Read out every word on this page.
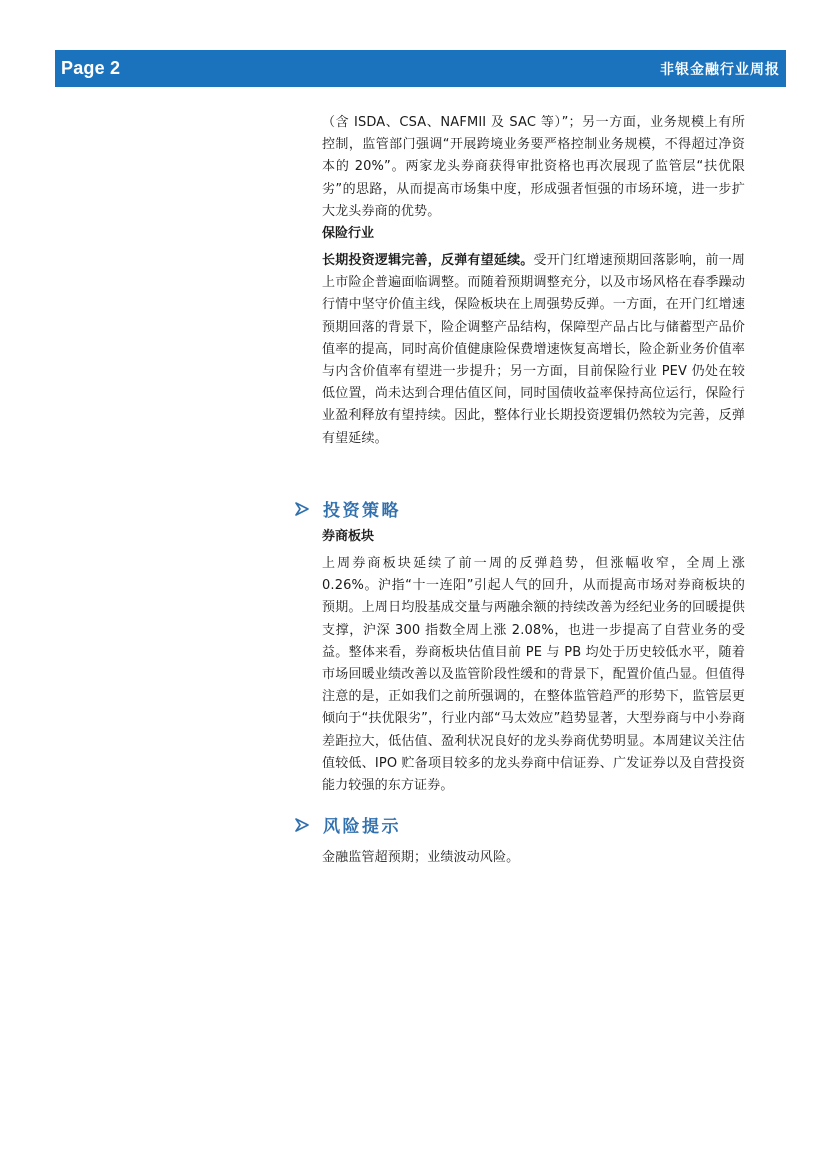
Page 2	非银金融行业周报

（含 ISDA、CSA、NAFMII 及 SAC 等）”；另一方面，业务规模上有所控制，监管部门强调“开展跨境业务要严格控制业务规模，不得超过净资本的 20%”。两家龙头券商获得审批资格也再次展现了监管层“扶优限劣”的思路，从而提高市场集中度，形成强者恒强的市场环境，进一步扩大龙头券商的优势。

保险行业

长期投资逻辑完善，反弹有望延续。受开门红增速预期回落影响，前一周上市险企普遍面临调整。而随着预期调整充分，以及市场风格在春季躁动行情中坚守价值主线，保险板块在上周强势反弹。一方面，在开门红增速预期回落的背景下，险企调整产品结构，保障型产品占比与储蓄型产品价值率的提高，同时高价值健康险保费增速恢复高增长，险企新业务价值率与内含价值率有望进一步提升；另一方面，目前保险行业 PEV 仍处在较低位置，尚未达到合理估值区间，同时国债收益率保持高位运行，保险行业盈利释放有望持续。因此，整体行业长期投资逻辑仍然较为完善，反弹有望延续。

投资策略
券商板块

上周券商板块延续了前一周的反弹趋势，但涨幅收窄，全周上涨 0.26%。沪指“十一连阳”引起人气的回升，从而提高市场对券商板块的预期。上周日均股基成交量与两融余额的持续改善为经纪业务的回暖提供支撑，沪深 300 指数全周上涨 2.08%，也进一步提高了自营业务的受益。整体来看，券商板块估值目前 PE 与 PB 均处于历史较低水平，随着市场回暖业绩改善以及监管阶段性缓和的背景下，配置价值凸显。但值得注意的是，正如我们之前所强调的，在整体监管趋严的形势下，监管层更倾向于“扶优限劣”，行业内部“马太效应”趋势显著，大型券商与中小券商差距拉大，低估值、盈利状况良好的龙头券商优势明显。本周建议关注估值较低、IPO 贮备项目较多的龙头券商中信证券、广发证券以及自营投资能力较强的东方证券。

风险提示

金融监管超预期；业绩波动风险。
